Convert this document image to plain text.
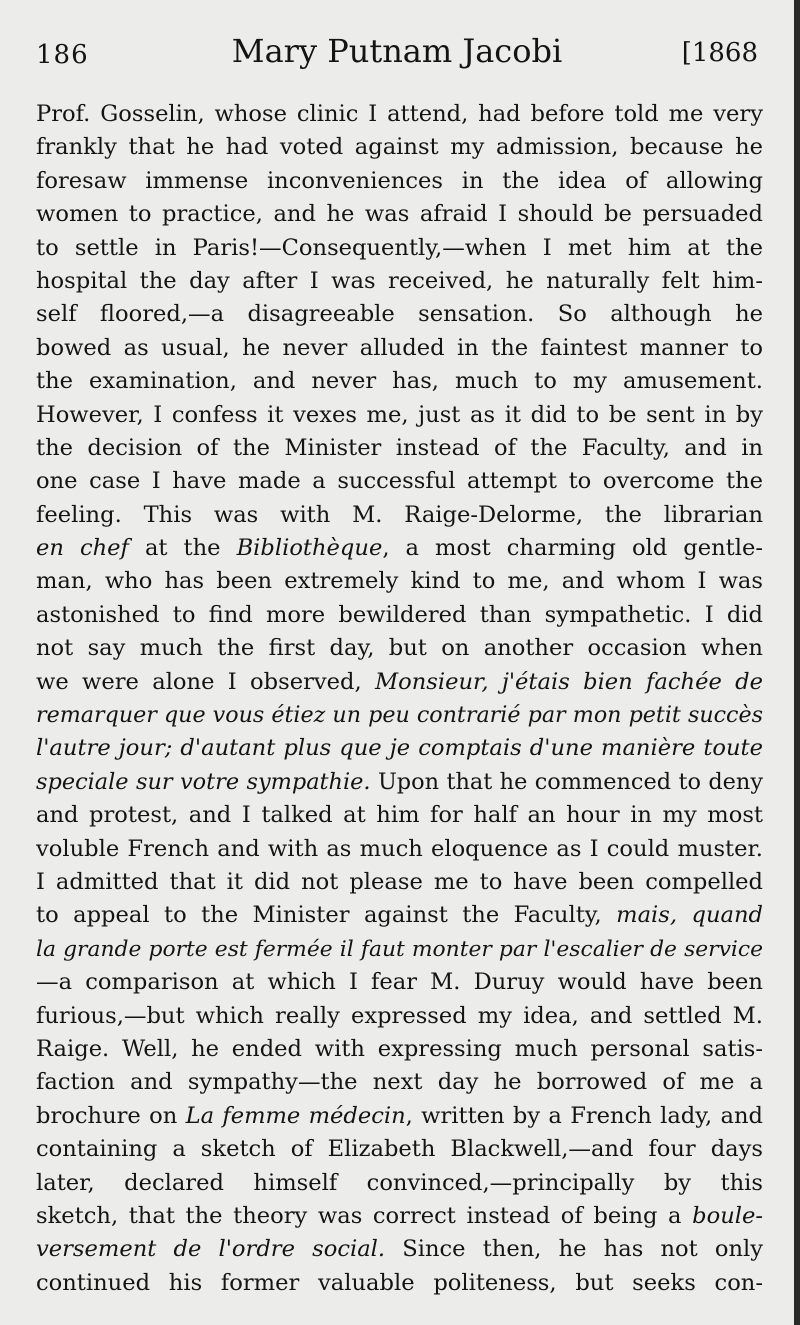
186	Mary Putnam Jacobi	[1868
Prof. Gosselin, whose clinic I attend, had before told me very
frankly that he had voted against my admission, because he
foresaw immense inconveniences in the idea of allowing
women to practice, and he was afraid I should be persuaded
to settle in Paris!—Consequently,—when I met him at the
hospital the day after I was received, he naturally felt him-
self floored,—a disagreeable sensation. So although he
bowed as usual, he never alluded in the faintest manner to
the examination, and never has, much to my amusement.
However, I confess it vexes me, just as it did to be sent in by
the decision of the Minister instead of the Faculty, and in
one case I have made a successful attempt to overcome the
feeling. This was with M. Raige-Delorme, the librarian
en chef at the Bibliothèque, a most charming old gentle-
man, who has been extremely kind to me, and whom I was
astonished to find more bewildered than sympathetic. I did
not say much the first day, but on another occasion when
we were alone I observed, Monsieur, j'étais bien fachée de
remarquer que vous étiez un peu contrarié par mon petit succès
l'autre jour; d'autant plus que je comptais d'une manière toute
speciale sur votre sympathie. Upon that he commenced to deny
and protest, and I talked at him for half an hour in my most
voluble French and with as much eloquence as I could muster.
I admitted that it did not please me to have been compelled
to appeal to the Minister against the Faculty, mais, quand
la grande porte est fermée il faut monter par l'escalier de service
—a comparison at which I fear M. Duruy would have been
furious,—but which really expressed my idea, and settled M.
Raige. Well, he ended with expressing much personal satis-
faction and sympathy—the next day he borrowed of me a
brochure on La femme médecin, written by a French lady, and
containing a sketch of Elizabeth Blackwell,—and four days
later, declared himself convinced,—principally by this
sketch, that the theory was correct instead of being a boule-
versement de l'ordre social. Since then, he has not only
continued his former valuable politeness, but seeks con-
